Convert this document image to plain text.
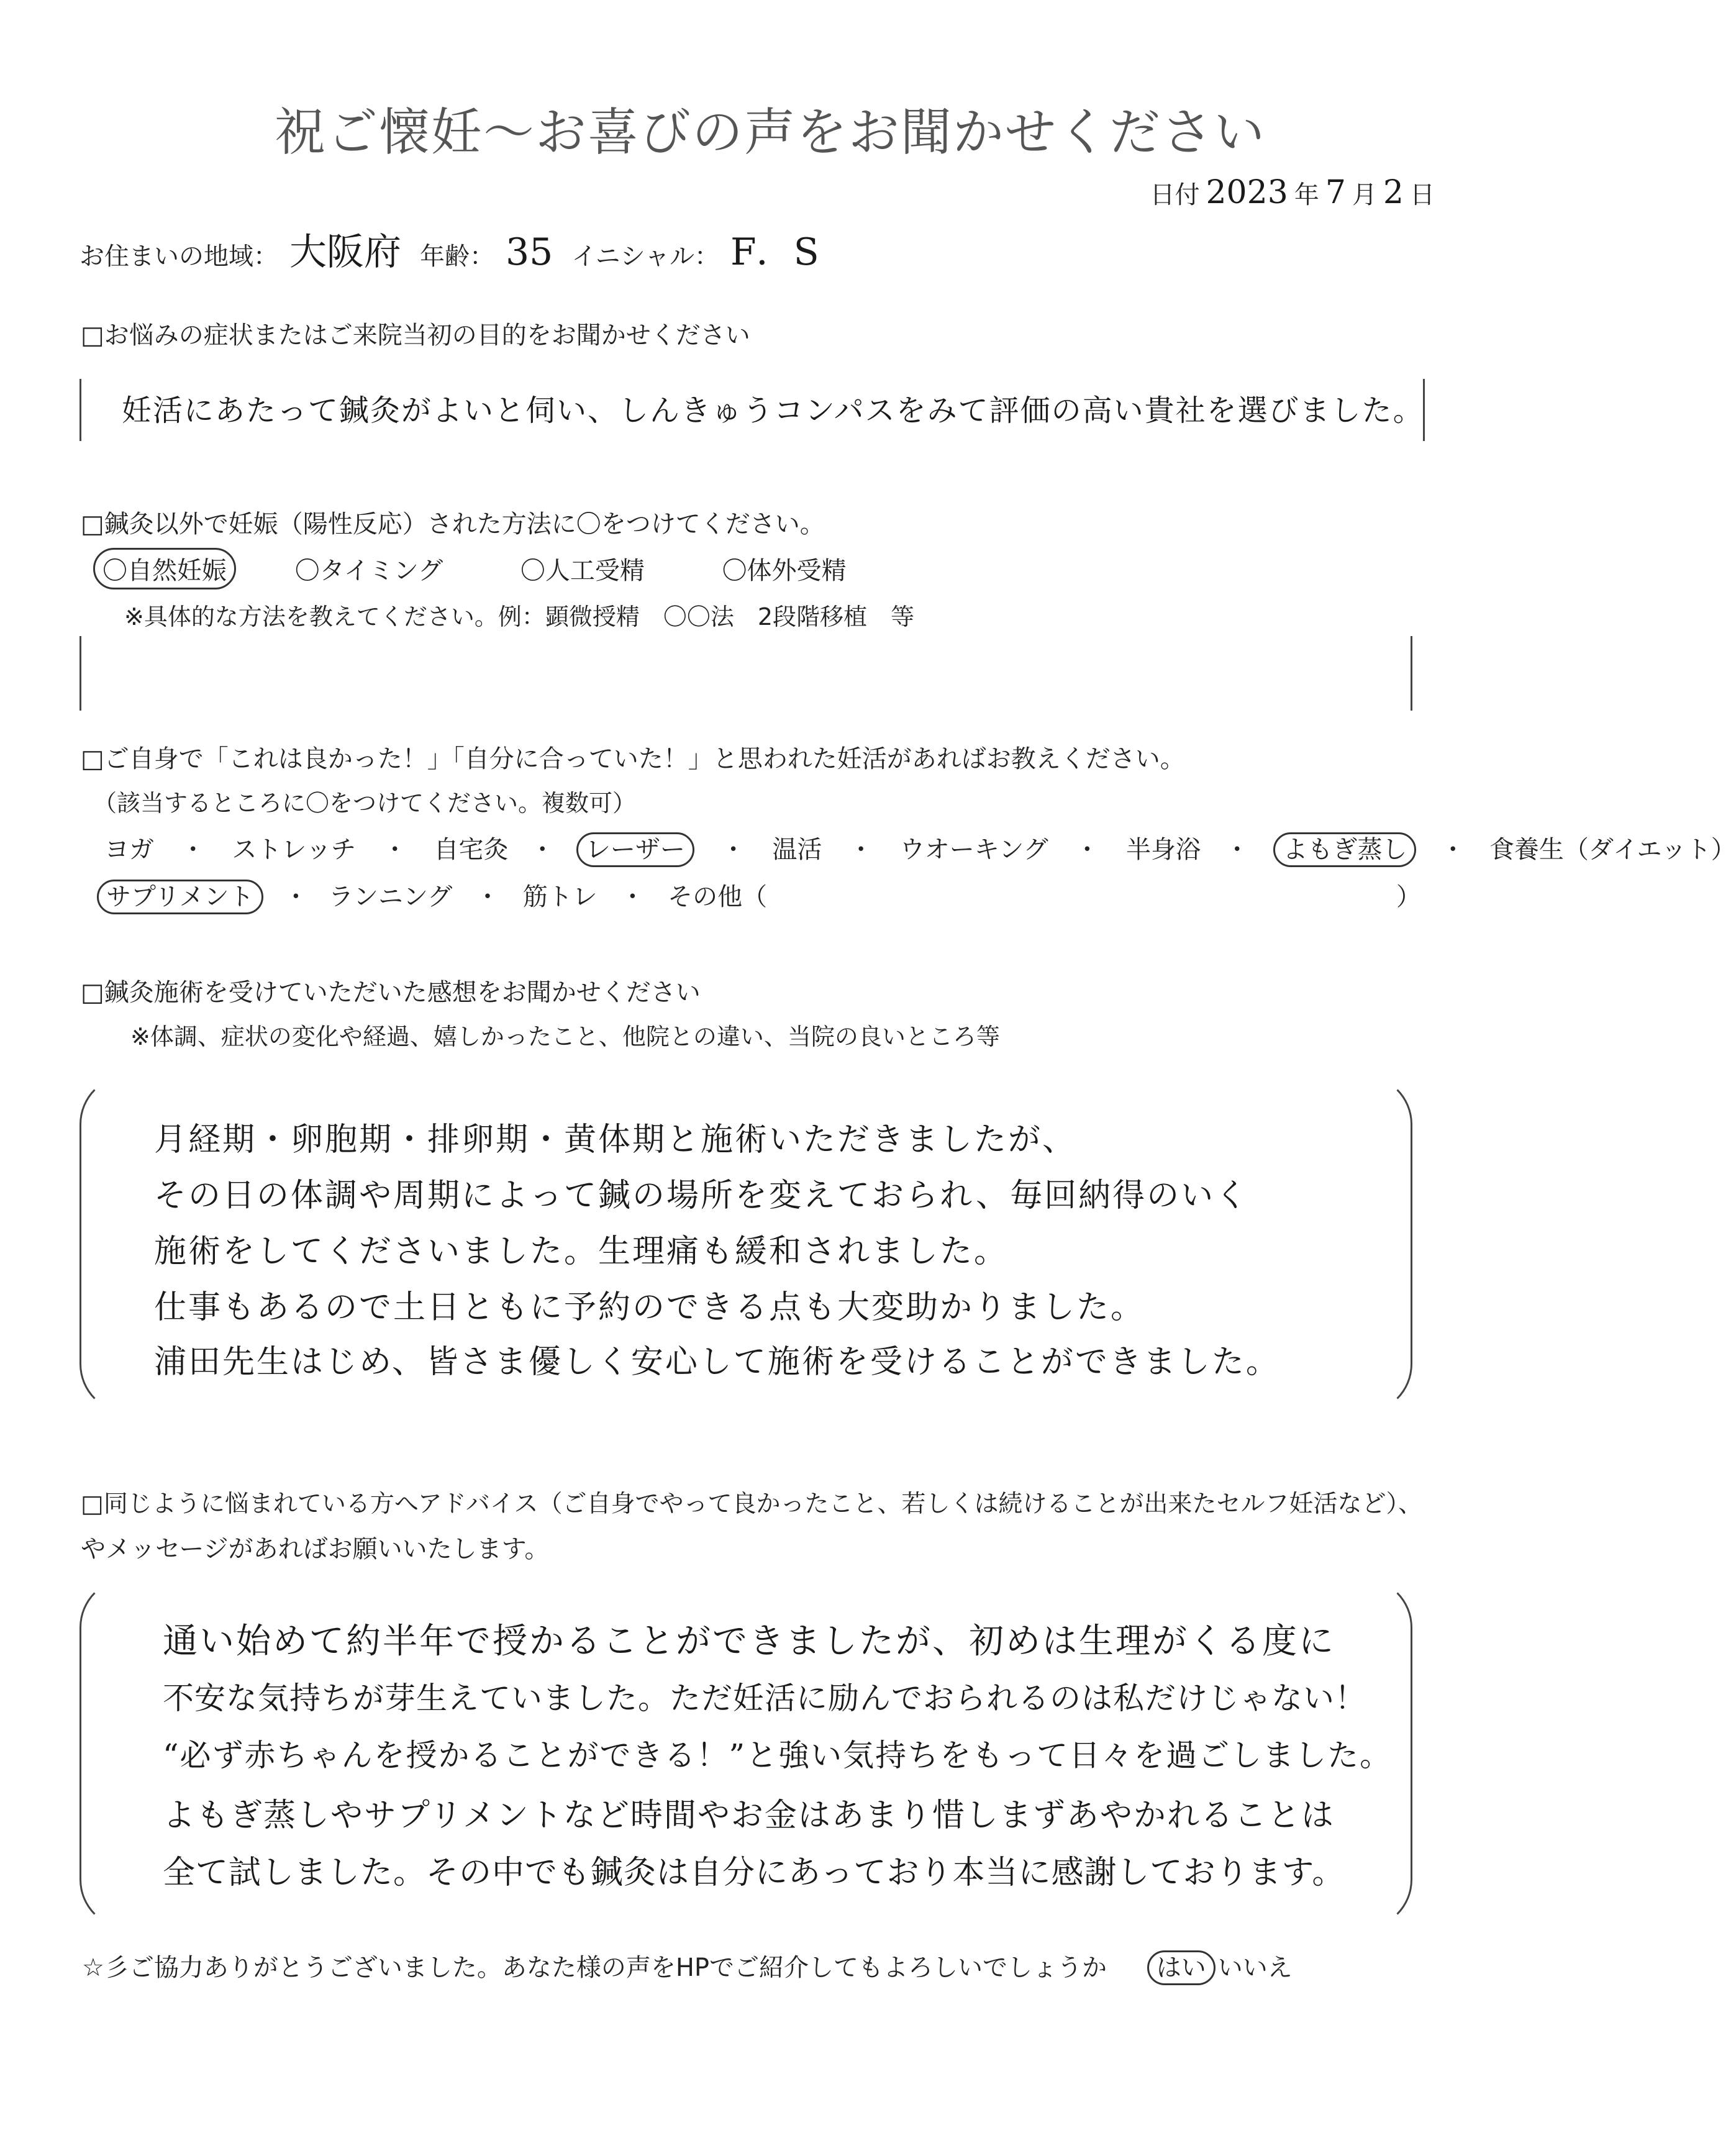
祝ご懐妊〜お喜びの声をお聞かせください
日付 2023 年 7 月 2 日
お住まいの地域： 大阪府 年齢： 35 イニシャル： F．S
□お悩みの症状またはご来院当初の目的をお聞かせください
妊活にあたって鍼灸がよいと伺い、しんきゅうコンパスをみて評価の高い貴社を選びました。
□鍼灸以外で妊娠（陽性反応）された方法に〇をつけてください。
〇自然妊娠	〇タイミング	〇人工受精	〇体外受精
※具体的な方法を教えてください。例：顕微授精　〇〇法　2段階移植　等
□ご自身で「これは良かった！」「自分に合っていた！」と思われた妊活があればお教えください。
（該当するところに〇をつけてください。複数可）
ヨガ ・ ストレッチ ・ 自宅灸 ・ レーザー ・ 温活 ・ ウオーキング ・ 半身浴 ・ よもぎ蒸し ・ 食養生（ダイエット）
サプリメント ・ ランニング ・ 筋トレ ・ その他（	）
□鍼灸施術を受けていただいた感想をお聞かせください
※体調、症状の変化や経過、嬉しかったこと、他院との違い、当院の良いところ等
月経期・卵胞期・排卵期・黄体期と施術いただきましたが、
その日の体調や周期によって鍼の場所を変えておられ、毎回納得のいく
施術をしてくださいました。生理痛も緩和されました。
仕事もあるので土日ともに予約のできる点も大変助かりました。
浦田先生はじめ、皆さま優しく安心して施術を受けることができました。
□同じように悩まれている方へアドバイス（ご自身でやって良かったこと、若しくは続けることが出来たセルフ妊活など）、
やメッセージがあればお願いいたします。
通い始めて約半年で授かることができましたが、初めは生理がくる度に
不安な気持ちが芽生えていました。ただ妊活に励んでおられるのは私だけじゃない！
“必ず赤ちゃんを授かることができる！”と強い気持ちをもって日々を過ごしました。
よもぎ蒸しやサプリメントなど時間やお金はあまり惜しまずあやかれることは
全て試しました。その中でも鍼灸は自分にあっており本当に感謝しております。
☆彡ご協力ありがとうございました。あなた様の声をHPでご紹介してもよろしいでしょうか はい いいえ
